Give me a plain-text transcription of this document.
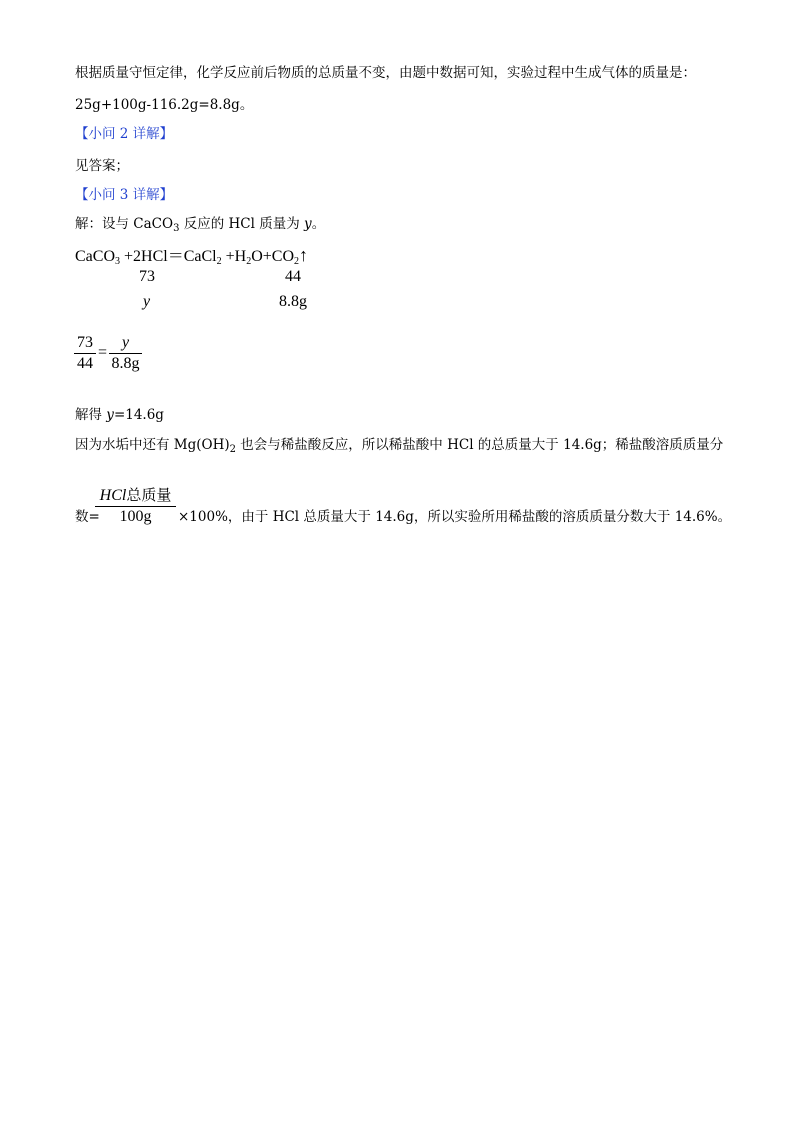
根据质量守恒定律，化学反应前后物质的总质量不变，由题中数据可知，实验过程中生成气体的质量是：
25g+100g-116.2g=8.8g。
【小问 2 详解】
见答案；
【小问 3 详解】
解：设与 CaCO$_3$ 反应的 HCl 质量为 y。
CaCO$_3$ +2HCl＝CaCl$_2$ $+H_2O+CO_2↑$
73	44
y	8.8g
73
44
=
y
8.8g
解得 y=14.6g
因为水垢中还有 $Mg(OH)_2$ 也会与稀盐酸反应，所以稀盐酸中 HCl 的总质量大于 14.6g；稀盐酸溶质质量分
数=
HCl总质量
100g	×100%，由于 HCl 总质量大于 14.6g，所以实验所用稀盐酸的溶质质量分数大于 14.6%。
